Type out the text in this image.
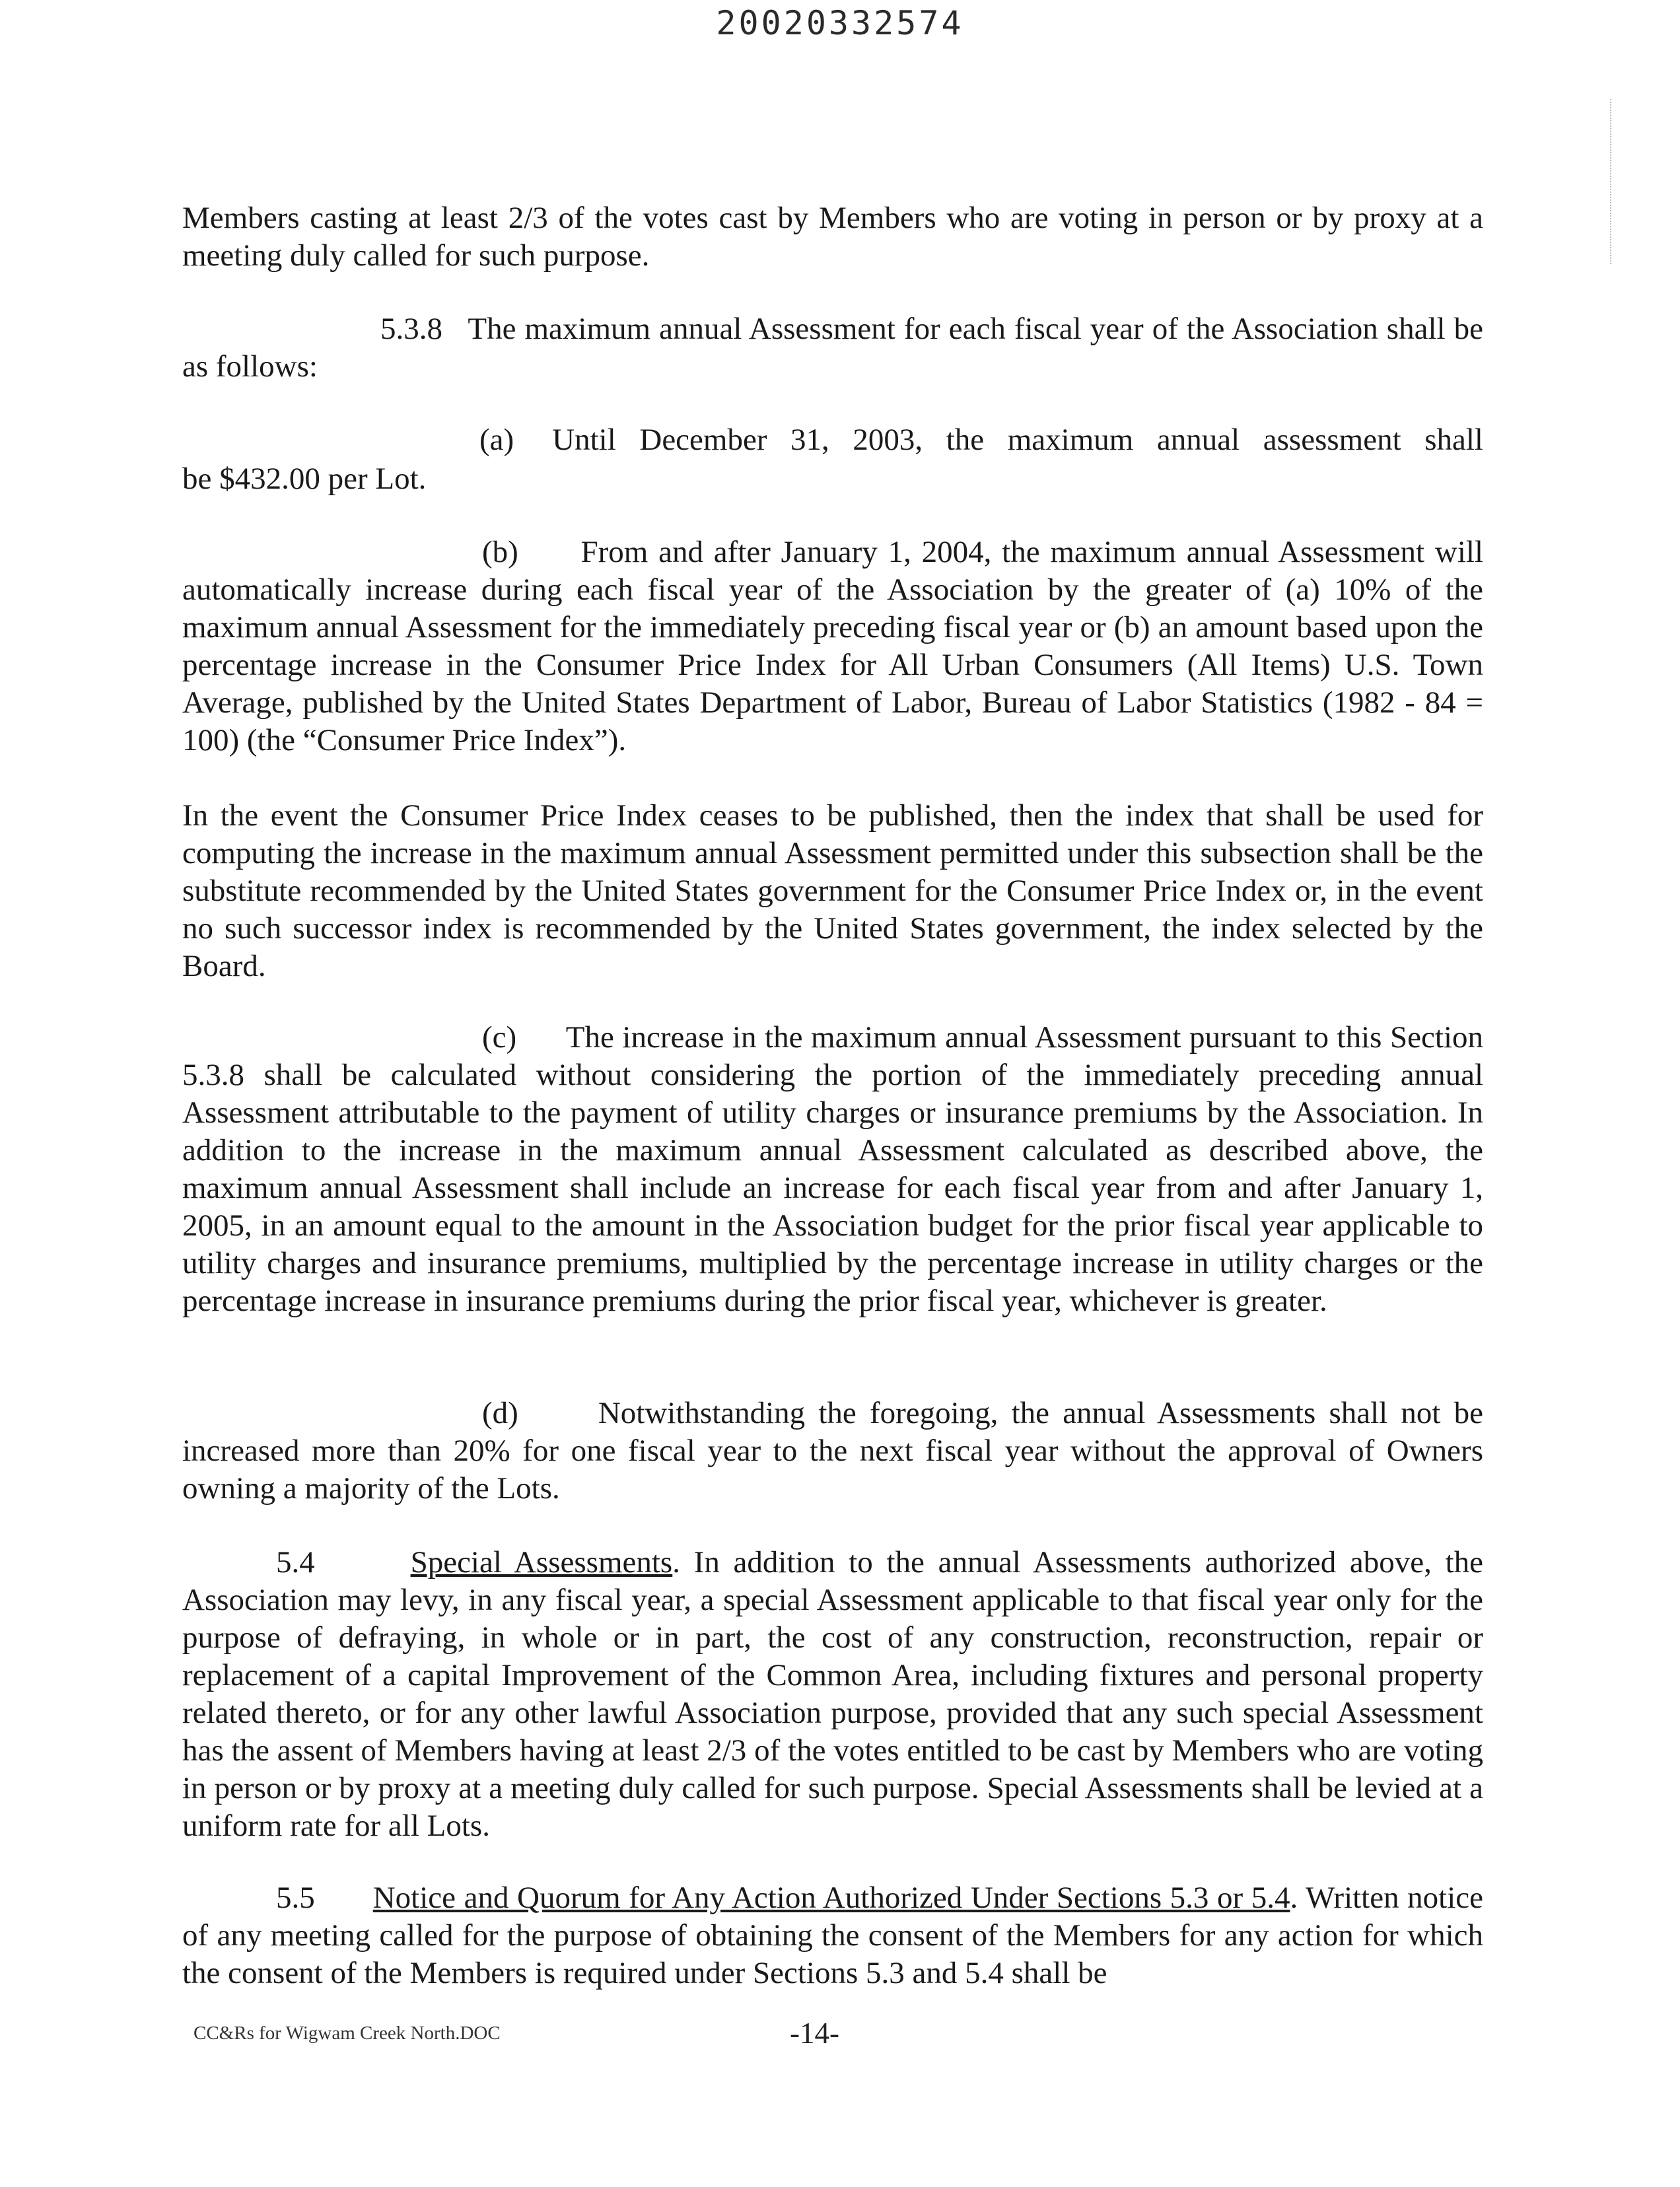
20020332574

Members casting at least 2/3 of the votes cast by Members who are voting in person or by proxy at a meeting duly called for such purpose.

5.3.8 The maximum annual Assessment for each fiscal year of the Association shall be as follows:

(a) Until December 31, 2003, the maximum annual assessment shall
be $432.00 per Lot.

(b) From and after January 1, 2004, the maximum annual Assessment will automatically increase during each fiscal year of the Association by the greater of (a) 10% of the maximum annual Assessment for the immediately preceding fiscal year or (b) an amount based upon the percentage increase in the Consumer Price Index for All Urban Consumers (All Items) U.S. Town Average, published by the United States Department of Labor, Bureau of Labor Statistics (1982 - 84 = 100) (the “Consumer Price Index”).

In the event the Consumer Price Index ceases to be published, then the index that shall be used for computing the increase in the maximum annual Assessment permitted under this subsection shall be the substitute recommended by the United States government for the Consumer Price Index or, in the event no such successor index is recommended by the United States government, the index selected by the Board.

(c) The increase in the maximum annual Assessment pursuant to this Section 5.3.8 shall be calculated without considering the portion of the immediately preceding annual Assessment attributable to the payment of utility charges or insurance premiums by the Association. In addition to the increase in the maximum annual Assessment calculated as described above, the maximum annual Assessment shall include an increase for each fiscal year from and after January 1, 2005, in an amount equal to the amount in the Association budget for the prior fiscal year applicable to utility charges and insurance premiums, multiplied by the percentage increase in utility charges or the percentage increase in insurance premiums during the prior fiscal year, whichever is greater.

(d)	Notwithstanding the foregoing, the annual Assessments shall not be increased more than 20% for one fiscal year to the next fiscal year without the approval of Owners owning a majority of the Lots.

5.4	Special Assessments. In addition to the annual Assessments authorized above, the Association may levy, in any fiscal year, a special Assessment applicable to that fiscal year only for the purpose of defraying, in whole or in part, the cost of any construction, reconstruction, repair or replacement of a capital Improvement of the Common Area, including fixtures and personal property related thereto, or for any other lawful Association purpose, provided that any such special Assessment has the assent of Members having at least 2/3 of the votes entitled to be cast by Members who are voting in person or by proxy at a meeting duly called for such purpose. Special Assessments shall be levied at a uniform rate for all Lots.

5.5 Notice and Quorum for Any Action Authorized Under Sections 5.3 or 5.4. Written notice of any meeting called for the purpose of obtaining the consent of the Members for any action for which the consent of the Members is required under Sections 5.3 and 5.4 shall be

CC&Rs for Wigwam Creek North.DOC	-14-
